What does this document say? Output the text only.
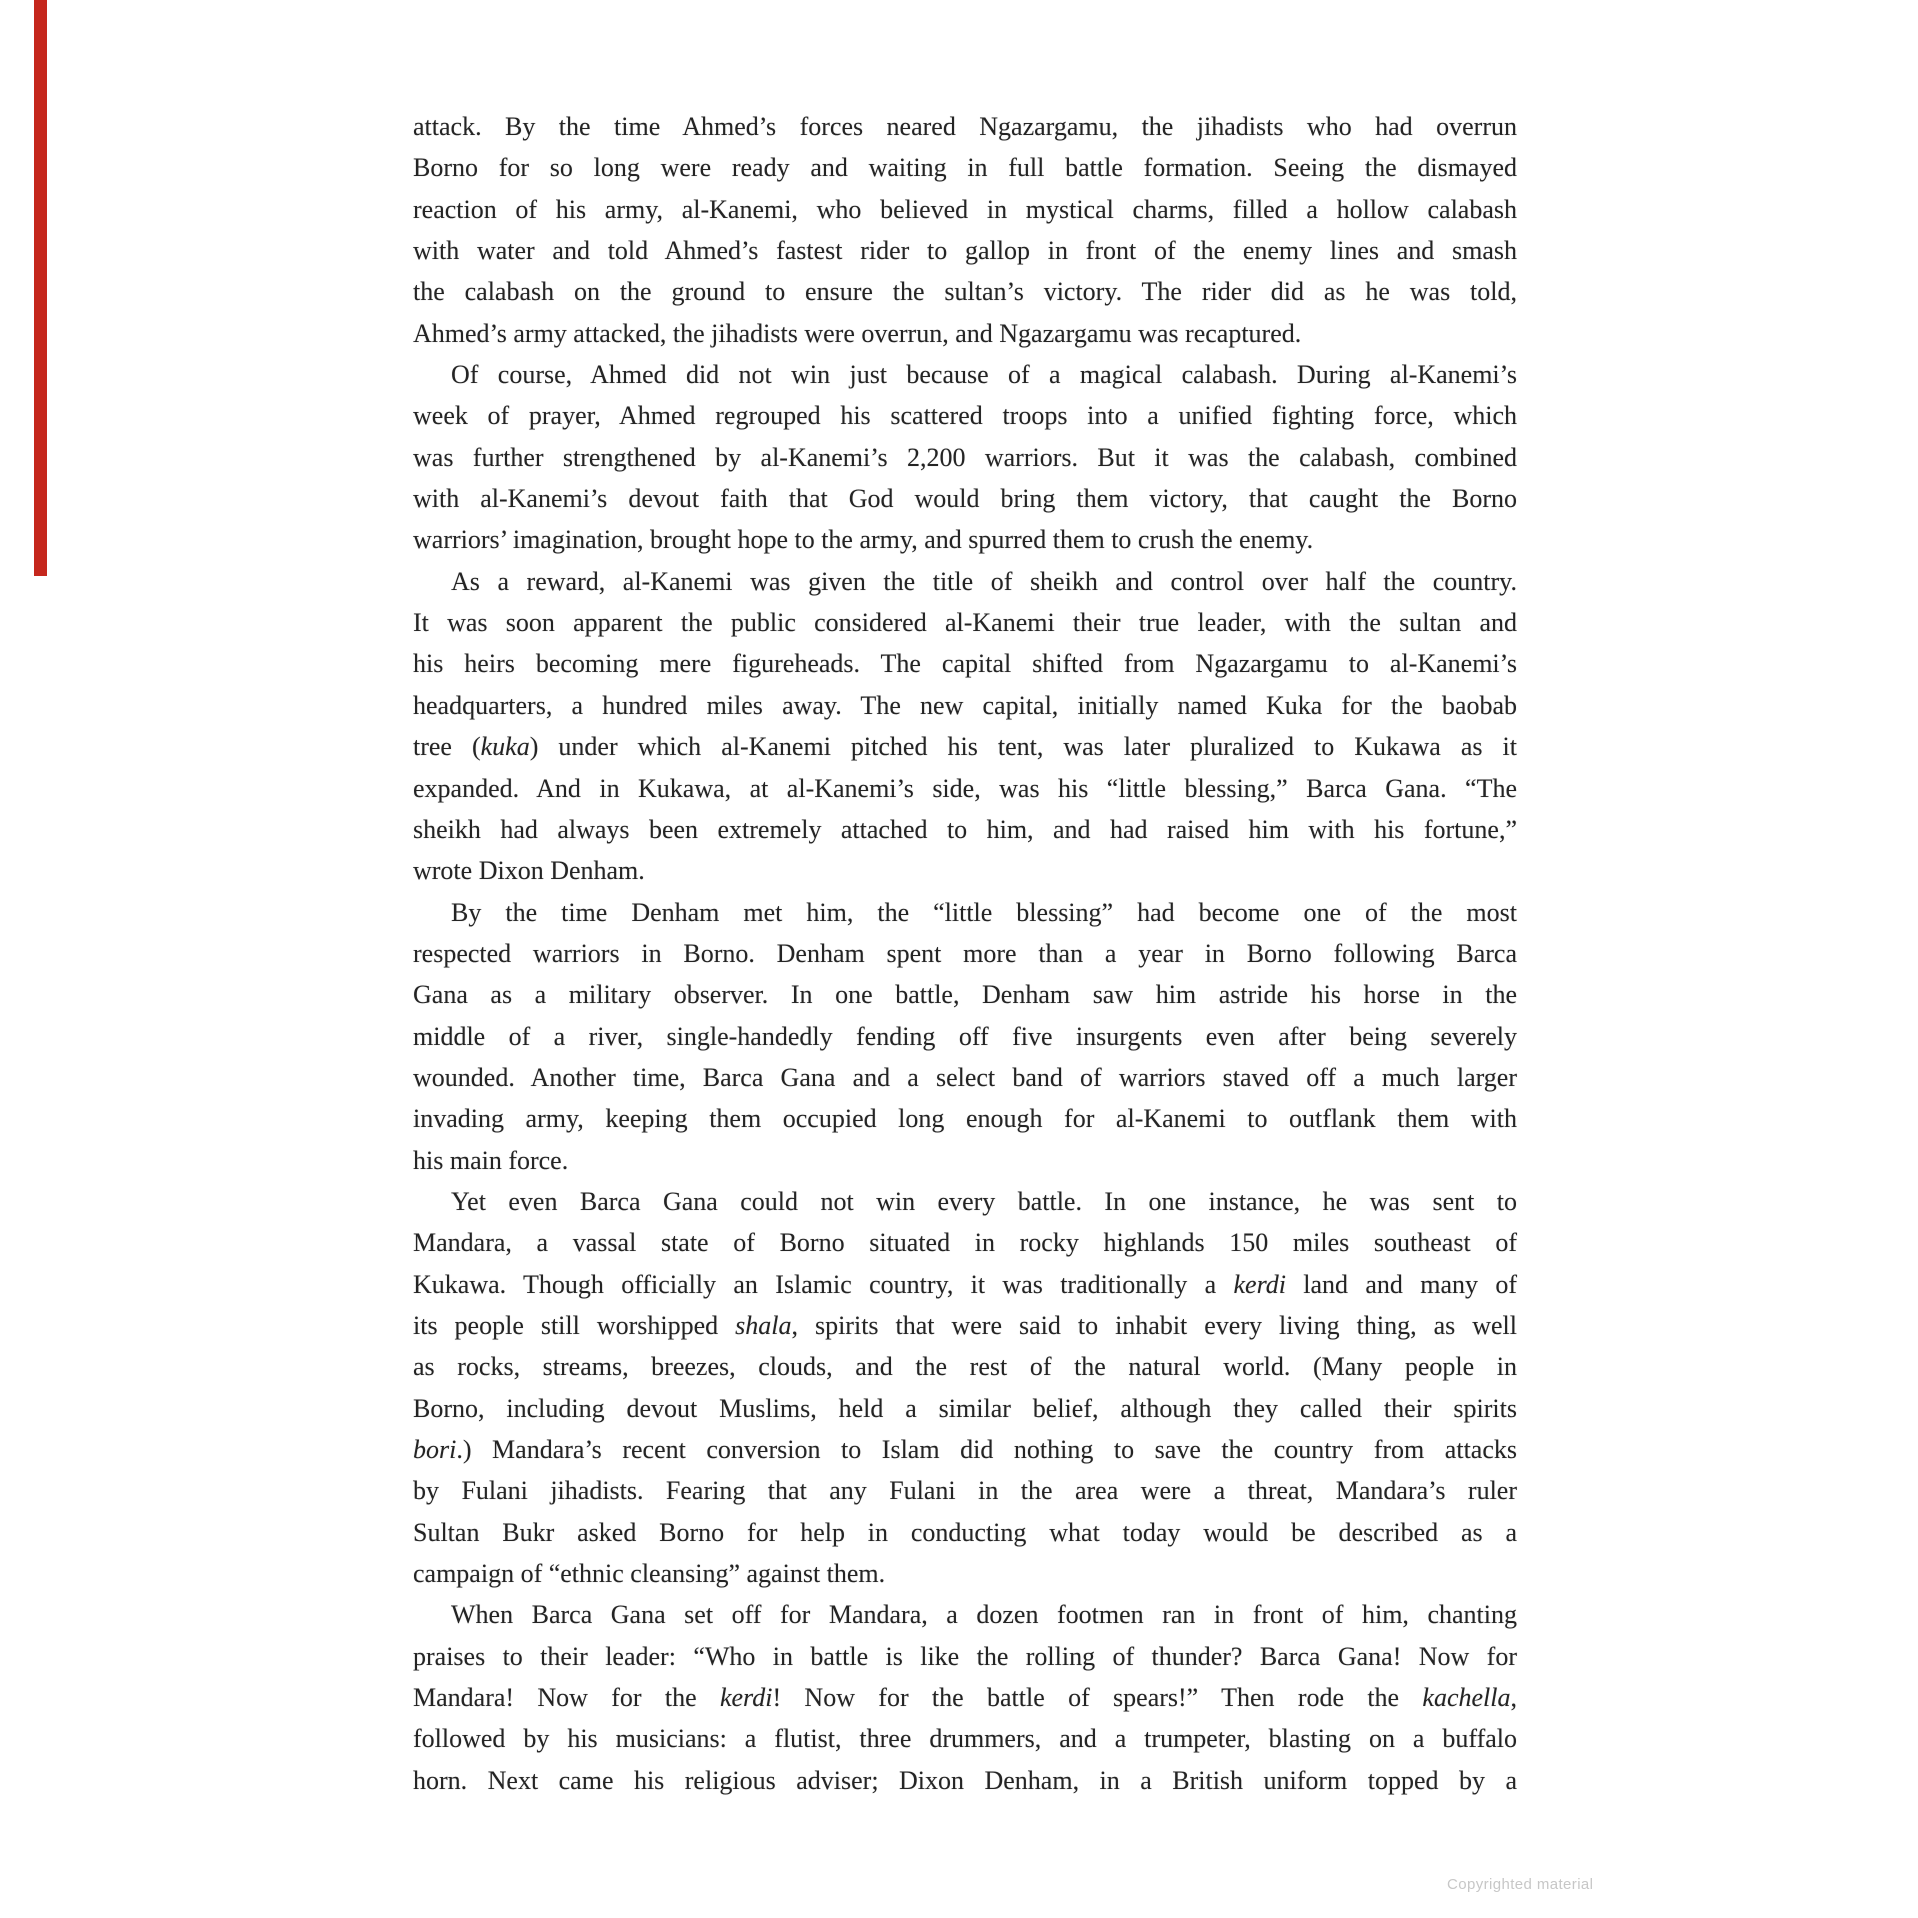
attack. By the time Ahmed’s forces neared Ngazargamu, the jihadists who had overrun
Borno for so long were ready and waiting in full battle formation. Seeing the dismayed
reaction of his army, al-Kanemi, who believed in mystical charms, filled a hollow calabash
with water and told Ahmed’s fastest rider to gallop in front of the enemy lines and smash
the calabash on the ground to ensure the sultan’s victory. The rider did as he was told,
Ahmed’s army attacked, the jihadists were overrun, and Ngazargamu was recaptured.
Of course, Ahmed did not win just because of a magical calabash. During al-Kanemi’s
week of prayer, Ahmed regrouped his scattered troops into a unified fighting force, which
was further strengthened by al-Kanemi’s 2,200 warriors. But it was the calabash, combined
with al-Kanemi’s devout faith that God would bring them victory, that caught the Borno
warriors’ imagination, brought hope to the army, and spurred them to crush the enemy.
As a reward, al-Kanemi was given the title of sheikh and control over half the country.
It was soon apparent the public considered al-Kanemi their true leader, with the sultan and
his heirs becoming mere figureheads. The capital shifted from Ngazargamu to al-Kanemi’s
headquarters, a hundred miles away. The new capital, initially named Kuka for the baobab
tree (kuka) under which al-Kanemi pitched his tent, was later pluralized to Kukawa as it
expanded. And in Kukawa, at al-Kanemi’s side, was his “little blessing,” Barca Gana. “The
sheikh had always been extremely attached to him, and had raised him with his fortune,”
wrote Dixon Denham.
By the time Denham met him, the “little blessing” had become one of the most
respected warriors in Borno. Denham spent more than a year in Borno following Barca
Gana as a military observer. In one battle, Denham saw him astride his horse in the
middle of a river, single-handedly fending off five insurgents even after being severely
wounded. Another time, Barca Gana and a select band of warriors staved off a much larger
invading army, keeping them occupied long enough for al-Kanemi to outflank them with
his main force.
Yet even Barca Gana could not win every battle. In one instance, he was sent to
Mandara, a vassal state of Borno situated in rocky highlands 150 miles southeast of
Kukawa. Though officially an Islamic country, it was traditionally a kerdi land and many of
its people still worshipped shala, spirits that were said to inhabit every living thing, as well
as rocks, streams, breezes, clouds, and the rest of the natural world. (Many people in
Borno, including devout Muslims, held a similar belief, although they called their spirits
bori.) Mandara’s recent conversion to Islam did nothing to save the country from attacks
by Fulani jihadists. Fearing that any Fulani in the area were a threat, Mandara’s ruler
Sultan Bukr asked Borno for help in conducting what today would be described as a
campaign of “ethnic cleansing” against them.
When Barca Gana set off for Mandara, a dozen footmen ran in front of him, chanting
praises to their leader: “Who in battle is like the rolling of thunder? Barca Gana! Now for
Mandara! Now for the kerdi! Now for the battle of spears!” Then rode the kachella,
followed by his musicians: a flutist, three drummers, and a trumpeter, blasting on a buffalo
horn. Next came his religious adviser; Dixon Denham, in a British uniform topped by a
Copyrighted material
